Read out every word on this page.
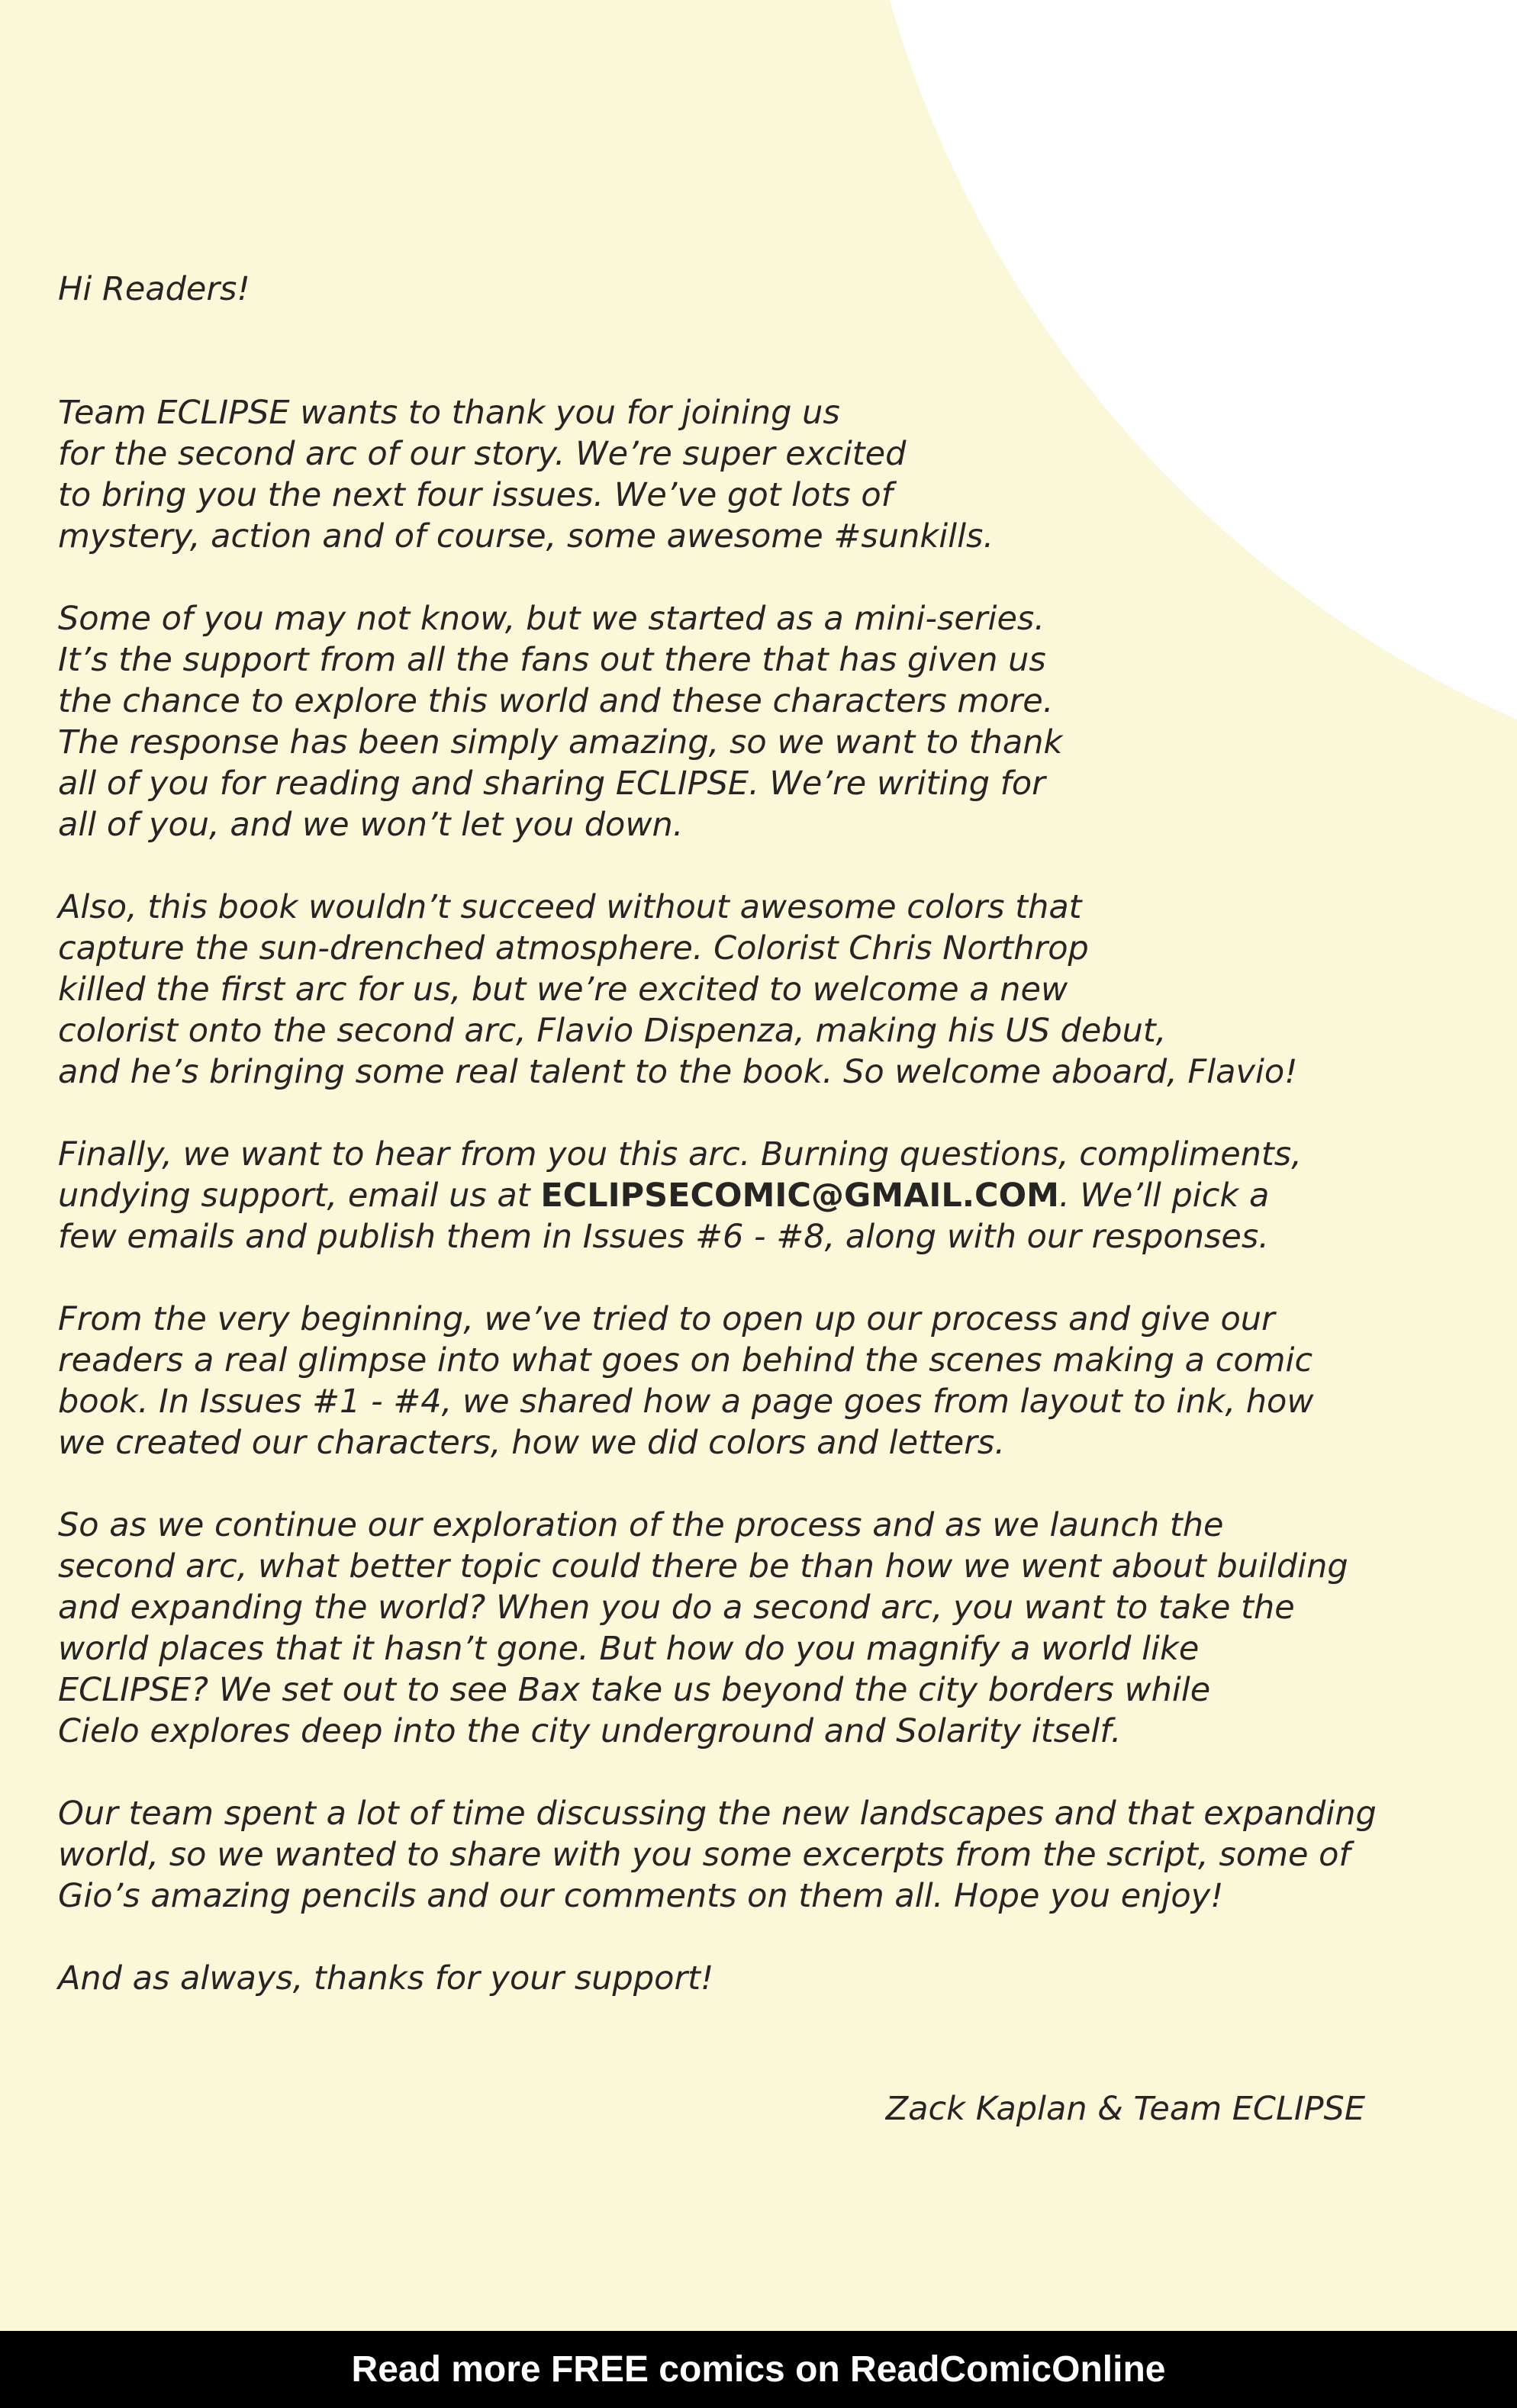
Hi Readers!

Team ECLIPSE wants to thank you for joining us
for the second arc of our story. We’re super excited
to bring you the next four issues. We’ve got lots of
mystery, action and of course, some awesome #sunkills.

Some of you may not know, but we started as a mini-series.
It’s the support from all the fans out there that has given us
the chance to explore this world and these characters more.
The response has been simply amazing, so we want to thank
all of you for reading and sharing ECLIPSE. We’re writing for
all of you, and we won’t let you down.

Also, this book wouldn’t succeed without awesome colors that
capture the sun-drenched atmosphere. Colorist Chris Northrop
killed the first arc for us, but we’re excited to welcome a new
colorist onto the second arc, Flavio Dispenza, making his US debut,
and he’s bringing some real talent to the book. So welcome aboard, Flavio!

Finally, we want to hear from you this arc. Burning questions, compliments,
undying support, email us at ECLIPSECOMIC@GMAIL.COM. We’ll pick a
few emails and publish them in Issues #6 - #8, along with our responses.

From the very beginning, we’ve tried to open up our process and give our
readers a real glimpse into what goes on behind the scenes making a comic
book. In Issues #1 - #4, we shared how a page goes from layout to ink, how
we created our characters, how we did colors and letters.

So as we continue our exploration of the process and as we launch the
second arc, what better topic could there be than how we went about building
and expanding the world? When you do a second arc, you want to take the
world places that it hasn’t gone. But how do you magnify a world like
ECLIPSE? We set out to see Bax take us beyond the city borders while
Cielo explores deep into the city underground and Solarity itself.

Our team spent a lot of time discussing the new landscapes and that expanding
world, so we wanted to share with you some excerpts from the script, some of
Gio’s amazing pencils and our comments on them all. Hope you enjoy!

And as always, thanks for your support!

Zack Kaplan & Team ECLIPSE
Read more FREE comics on ReadComicOnline
